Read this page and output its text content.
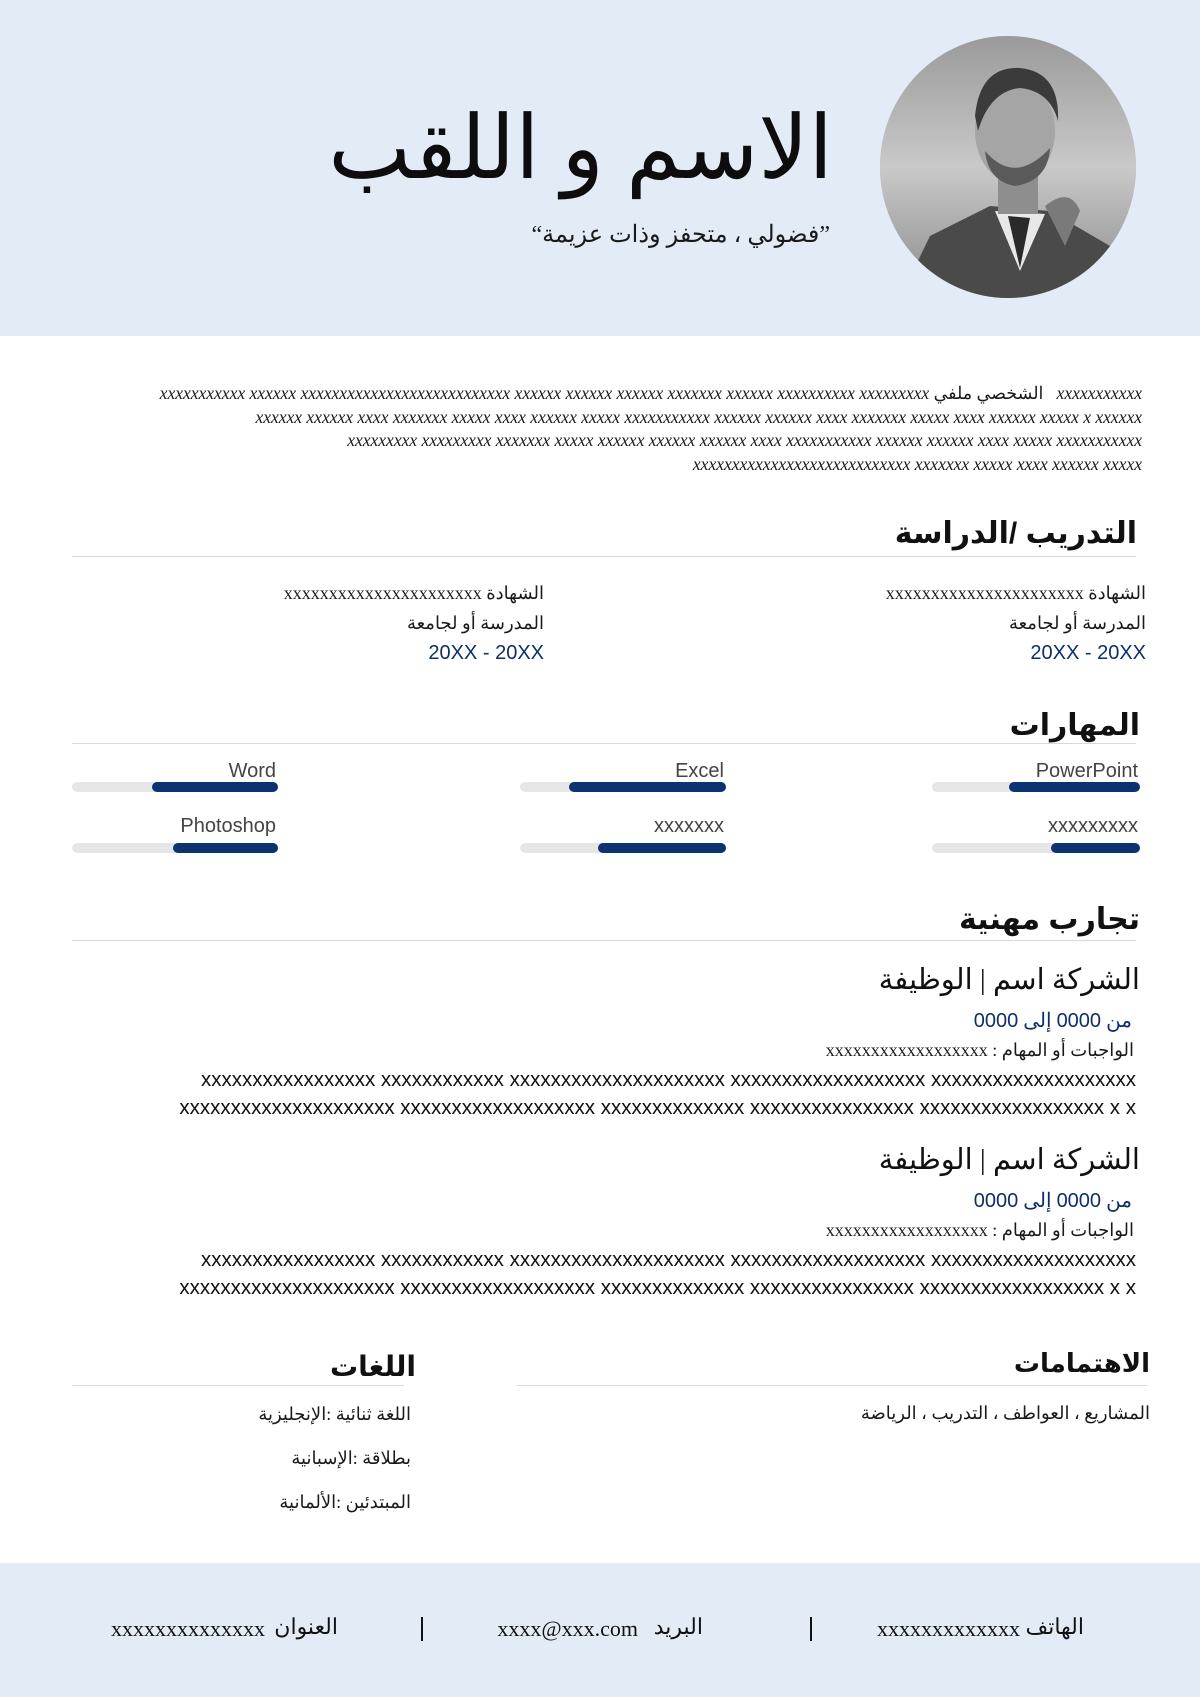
الاسم و اللقب
”فضولي ، متحفز وذات عزيمة“
xxxxxxxxxxx   الشخصي ملفي xxxxxxxxxxx xxxxxx xxxxxxxxxxxxxxxxxxxxxxxxxxx xxxxxx xxxxxx xxxxxx xxxxxxx xxxxxx xxxxxxxxxx xxxxxxxxx
xxxxxx xxxxxx xxxx xxxxxxx xxxxx xxxx xxxxxx xxxxx xxxxxxxxxxx xxxxxx xxxxxx xxxx xxxxxxx xxxxx xxxx xxxxxx xxxxx x xxxxxx
xxxxxxxxx xxxxxxxxx xxxxxxx xxxxx xxxxxx xxxxxx xxxxxx xxxx xxxxxxxxxxx xxxxxx xxxxxx xxxx xxxxx xxxxxxxxxxx
xxxxxxxxxxxxxxxxxxxxxxxxxxxx xxxxxxx xxxxx xxxx xxxxxx xxxxx
التدريب /الدراسة
الشهادة xxxxxxxxxxxxxxxxxxxxxx
المدرسة أو لجامعة
20XX - 20XX
الشهادة xxxxxxxxxxxxxxxxxxxxxx
المدرسة أو لجامعة
20XX - 20XX
المهارات
PowerPoint
Excel
Word
xxxxxxxxx
xxxxxxx
Photoshop
تجارب مهنية
الشركة اسم | الوظيفة
من 0000 إلى 0000
الواجبات أو المهام : xxxxxxxxxxxxxxxxxx
xxxxxxxxxxxxxxxxx xxxxxxxxxxxx xxxxxxxxxxxxxxxxxxxxx xxxxxxxxxxxxxxxxxxx xxxxxxxxxxxxxxxxxxxx
xxxxxxxxxxxxxxxxxxxxx xxxxxxxxxxxxxxxxxxx xxxxxxxxxxxxxx xxxxxxxxxxxxxxxx xxxxxxxxxxxxxxxxxx x x
الشركة اسم | الوظيفة
من 0000 إلى 0000
الواجبات أو المهام : xxxxxxxxxxxxxxxxxx
xxxxxxxxxxxxxxxxx xxxxxxxxxxxx xxxxxxxxxxxxxxxxxxxxx xxxxxxxxxxxxxxxxxxx xxxxxxxxxxxxxxxxxxxx
xxxxxxxxxxxxxxxxxxxxx xxxxxxxxxxxxxxxxxxx xxxxxxxxxxxxxx xxxxxxxxxxxxxxxx xxxxxxxxxxxxxxxxxx x x
الاهتمامات
المشاريع ، العواطف ، التدريب ، الرياضة
اللغات
اللغة ثنائية :الإنجليزية
بطلاقة :الإسبانية
المبتدئين :الألمانية
الهاتف
xxxxxxxxxxxxx
البريد
xxxx@xxx.com
العنوان
xxxxxxxxxxxxxx
